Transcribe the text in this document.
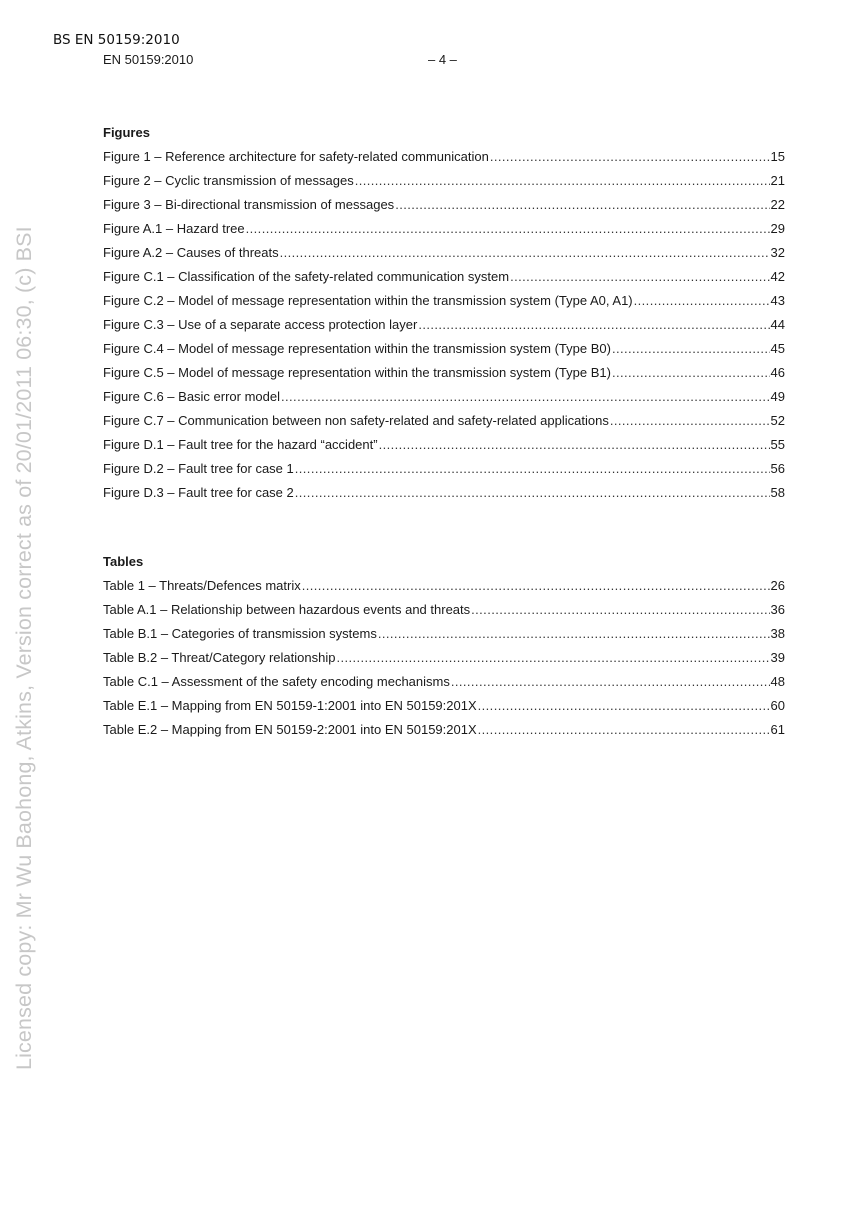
BS EN 50159:2010
EN 50159:2010	– 4 –
Licensed copy: Mr Wu Baohong, Atkins, Version correct as of 20/01/2011 06:30, (c) BSI
Figures
Figure 1 – Reference architecture for safety-related communication .....	15
Figure 2 – Cyclic transmission of messages .....	21
Figure 3 – Bi-directional transmission of messages .....	22
Figure A.1 – Hazard tree .....	29
Figure A.2 – Causes of threats .....	32
Figure C.1 – Classification of the safety-related communication system .....	42
Figure C.2 – Model of message representation within the transmission system (Type A0, A1) .....	43
Figure C.3 – Use of a separate access protection layer .....	44
Figure C.4 – Model of message representation within the transmission system (Type B0) .....	45
Figure C.5 – Model of message representation within the transmission system (Type B1) .....	46
Figure C.6 – Basic error model .....	49
Figure C.7 – Communication between non safety-related and safety-related applications .....	52
Figure D.1 – Fault tree for the hazard “accident” .....	55
Figure D.2 – Fault tree for case 1 .....	56
Figure D.3 – Fault tree for case 2 .....	58
Tables
Table 1 – Threats/Defences matrix .....	26
Table A.1 – Relationship between hazardous events and threats .....	36
Table B.1 – Categories of transmission systems .....	38
Table B.2 – Threat/Category relationship .....	39
Table C.1 – Assessment of the safety encoding mechanisms .....	48
Table E.1 – Mapping from EN 50159-1:2001 into EN 50159:201X .....	60
Table E.2 – Mapping from EN 50159-2:2001 into EN 50159:201X .....	61
